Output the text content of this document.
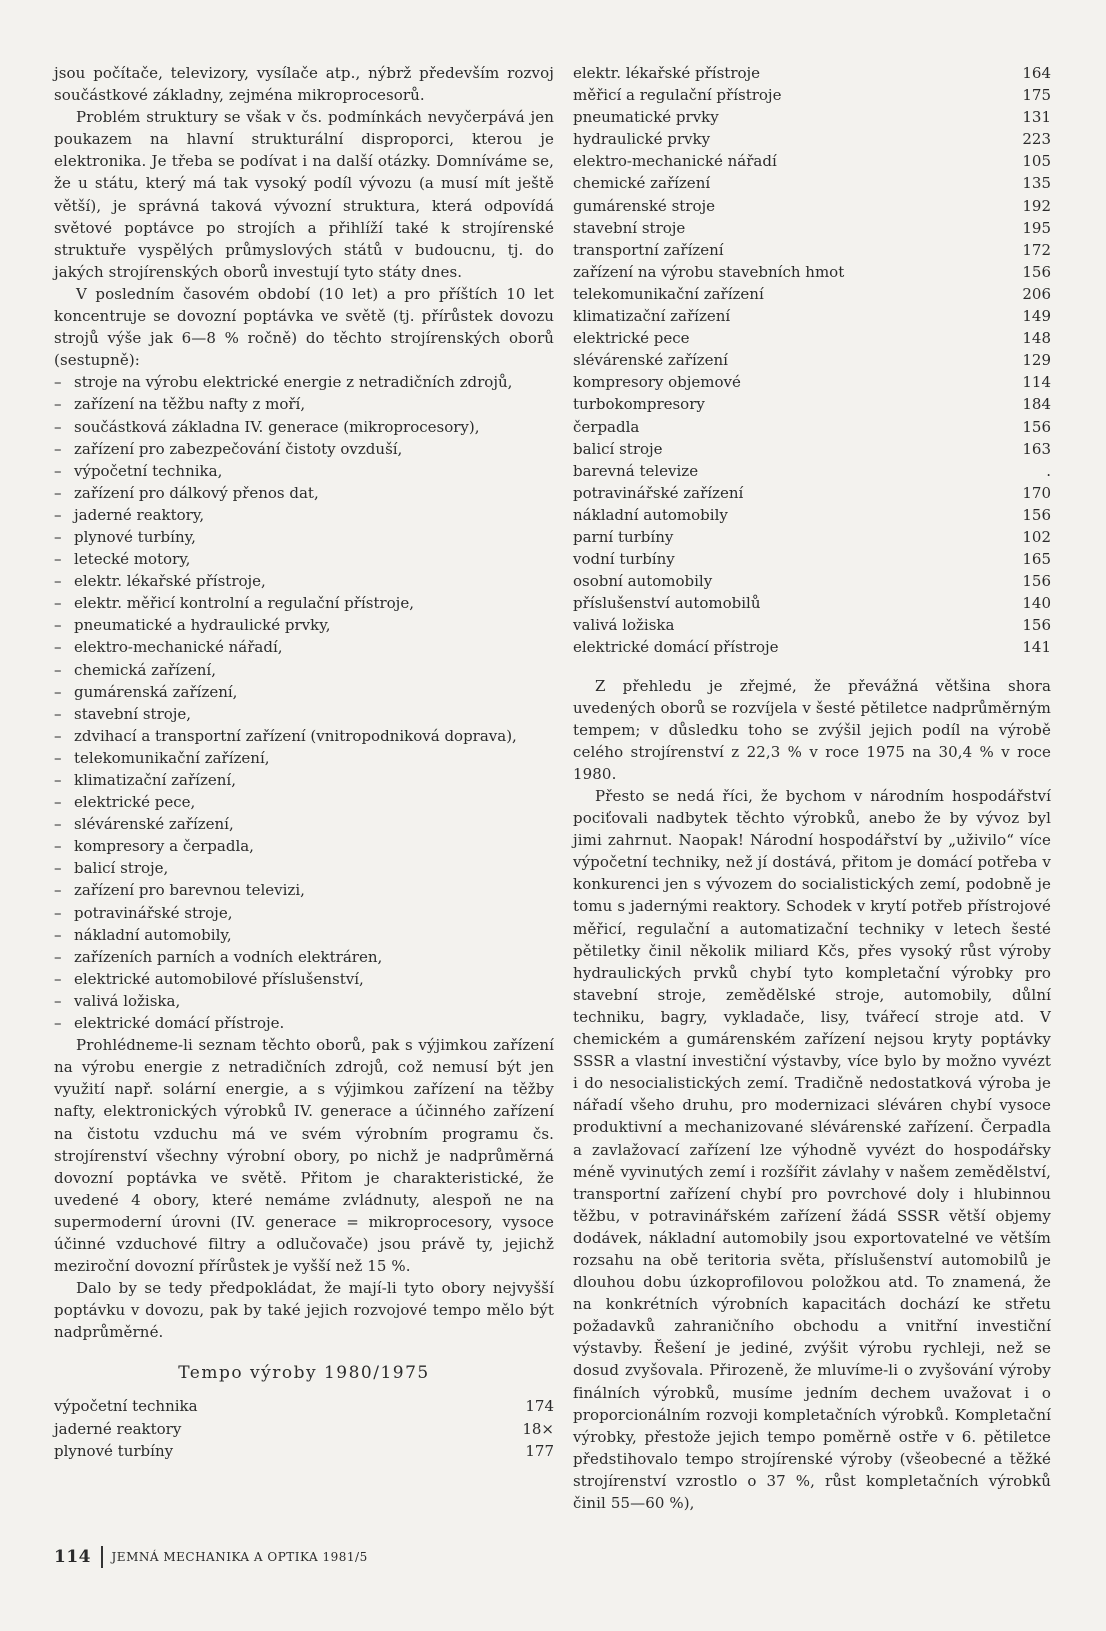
jsou počítače, televizory, vysílače atp., nýbrž především rozvoj součástkové základny, zejména mikroprocesorů.

Problém struktury se však v čs. podmínkách nevyčerpává jen poukazem na hlavní strukturální disproporci, kterou je elektronika. Je třeba se podívat i na další otázky. Domníváme se, že u státu, který má tak vysoký podíl vývozu (a musí mít ještě větší), je správná taková vývozní struktura, která odpovídá světové poptávce po strojích a přihlíží také k strojírenské struktuře vyspělých průmyslových států v budoucnu, tj. do jakých strojírenských oborů investují tyto státy dnes.

V posledním časovém období (10 let) a pro příštích 10 let koncentruje se dovozní poptávka ve světě (tj. přírůstek dovozu strojů výše jak 6—8 % ročně) do těchto strojírenských oborů (sestupně):

– stroje na výrobu elektrické energie z netradičních zdrojů,
– zařízení na těžbu nafty z moří,
– součástková základna IV. generace (mikroprocesory),
– zařízení pro zabezpečování čistoty ovzduší,
– výpočetní technika,
– zařízení pro dálkový přenos dat,
– jaderné reaktory,
– plynové turbíny,
– letecké motory,
– elektr. lékařské přístroje,
– elektr. měřicí kontrolní a regulační přístroje,
– pneumatické a hydraulické prvky,
– elektro-mechanické nářadí,
– chemická zařízení,
– gumárenská zařízení,
– stavební stroje,
– zdvihací a transportní zařízení (vnitropodniková doprava),
– telekomunikační zařízení,
– klimatizační zařízení,
– elektrické pece,
– slévárenské zařízení,
– kompresory a čerpadla,
– balicí stroje,
– zařízení pro barevnou televizi,
– potravinářské stroje,
– nákladní automobily,
– zařízeních parních a vodních elektráren,
– elektrické automobilové příslušenství,
– valivá ložiska,
– elektrické domácí přístroje.

Prohlédneme-li seznam těchto oborů, pak s výjimkou zařízení na výrobu energie z netradičních zdrojů, což nemusí být jen využití např. solární energie, a s výjimkou zařízení na těžby nafty, elektronických výrobků IV. generace a účinného zařízení na čistotu vzduchu má ve svém výrobním programu čs. strojírenství všechny výrobní obory, po nichž je nadprůměrná dovozní poptávka ve světě. Přitom je charakteristické, že uvedené 4 obory, které nemáme zvládnuty, alespoň ne na supermoderní úrovni (IV. generace = mikroprocesory, vysoce účinné vzduchové filtry a odlučovače) jsou právě ty, jejichž meziroční dovozní přírůstek je vyšší než 15 %.

Dalo by se tedy předpokládat, že mají-li tyto obory nejvyšší poptávku v dovozu, pak by také jejich rozvojové tempo mělo být nadprůměrné.

Tempo výroby 1980/1975
výpočetní technika	174
jaderné reaktory	18×
plynové turbíny	177
elektr. lékařské přístroje	164
měřicí a regulační přístroje	175
pneumatické prvky	131
hydraulické prvky	223
elektro-mechanické nářadí	105
chemické zařízení	135
gumárenské stroje	192
stavební stroje	195
transportní zařízení	172
zařízení na výrobu stavebních hmot	156
telekomunikační zařízení	206
klimatizační zařízení	149
elektrické pece	148
slévárenské zařízení	129
kompresory objemové	114
turbokompresory	184
čerpadla	156
balicí stroje	163
barevná televize	.
potravinářské zařízení	170
nákladní automobily	156
parní turbíny	102
vodní turbíny	165
osobní automobily	156
příslušenství automobilů	140
valivá ložiska	156
elektrické domácí přístroje	141

Z přehledu je zřejmé, že převážná většina shora uvedených oborů se rozvíjela v šesté pětiletce nadprůměrným tempem; v důsledku toho se zvýšil jejich podíl na výrobě celého strojírenství z 22,3 % v roce 1975 na 30,4 % v roce 1980.

Přesto se nedá říci, že bychom v národním hospodářství pociťovali nadbytek těchto výrobků, anebo že by vývoz byl jimi zahrnut. Naopak! Národní hospodářství by „uživilo“ více výpočetní techniky, než jí dostává, přitom je domácí potřeba v konkurenci jen s vývozem do socialistických zemí, podobně je tomu s jadernými reaktory. Schodek v krytí potřeb přístrojové měřicí, regulační a automatizační techniky v letech šesté pětiletky činil několik miliard Kčs, přes vysoký růst výroby hydraulických prvků chybí tyto kompletační výrobky pro stavební stroje, zemědělské stroje, automobily, důlní techniku, bagry, vykladače, lisy, tvářecí stroje atd. V chemickém a gumárenském zařízení nejsou kryty poptávky SSSR a vlastní investiční výstavby, více bylo by možno vyvézt i do nesocialistických zemí. Tradičně nedostatková výroba je nářadí všeho druhu, pro modernizaci sléváren chybí vysoce produktivní a mechanizované slévárenské zařízení. Čerpadla a zavlažovací zařízení lze výhodně vyvézt do hospodářsky méně vyvinutých zemí i rozšířit závlahy v našem zemědělství, transportní zařízení chybí pro povrchové doly i hlubinnou těžbu, v potravinářském zařízení žádá SSSR větší objemy dodávek, nákladní automobily jsou exportovatelné ve větším rozsahu na obě teritoria světa, příslušenství automobilů je dlouhou dobu úzkoprofilovou položkou atd. To znamená, že na konkrétních výrobních kapacitách dochází ke střetu požadavků zahraničního obchodu a vnitřní investiční výstavby. Řešení je jediné, zvýšit výrobu rychleji, než se dosud zvyšovala. Přirozeně, že mluvíme-li o zvyšování výroby finálních výrobků, musíme jedním dechem uvažovat i o proporcionálním rozvoji kompletačních výrobků. Kompletační výrobky, přestože jejich tempo poměrně ostře v 6. pětiletce předstihovalo tempo strojírenské výroby (všeobecné a těžké strojírenství vzrostlo o 37 %, růst kompletačních výrobků činil 55—60 %),

114 JEMNÁ MECHANIKA A OPTIKA 1981/5
